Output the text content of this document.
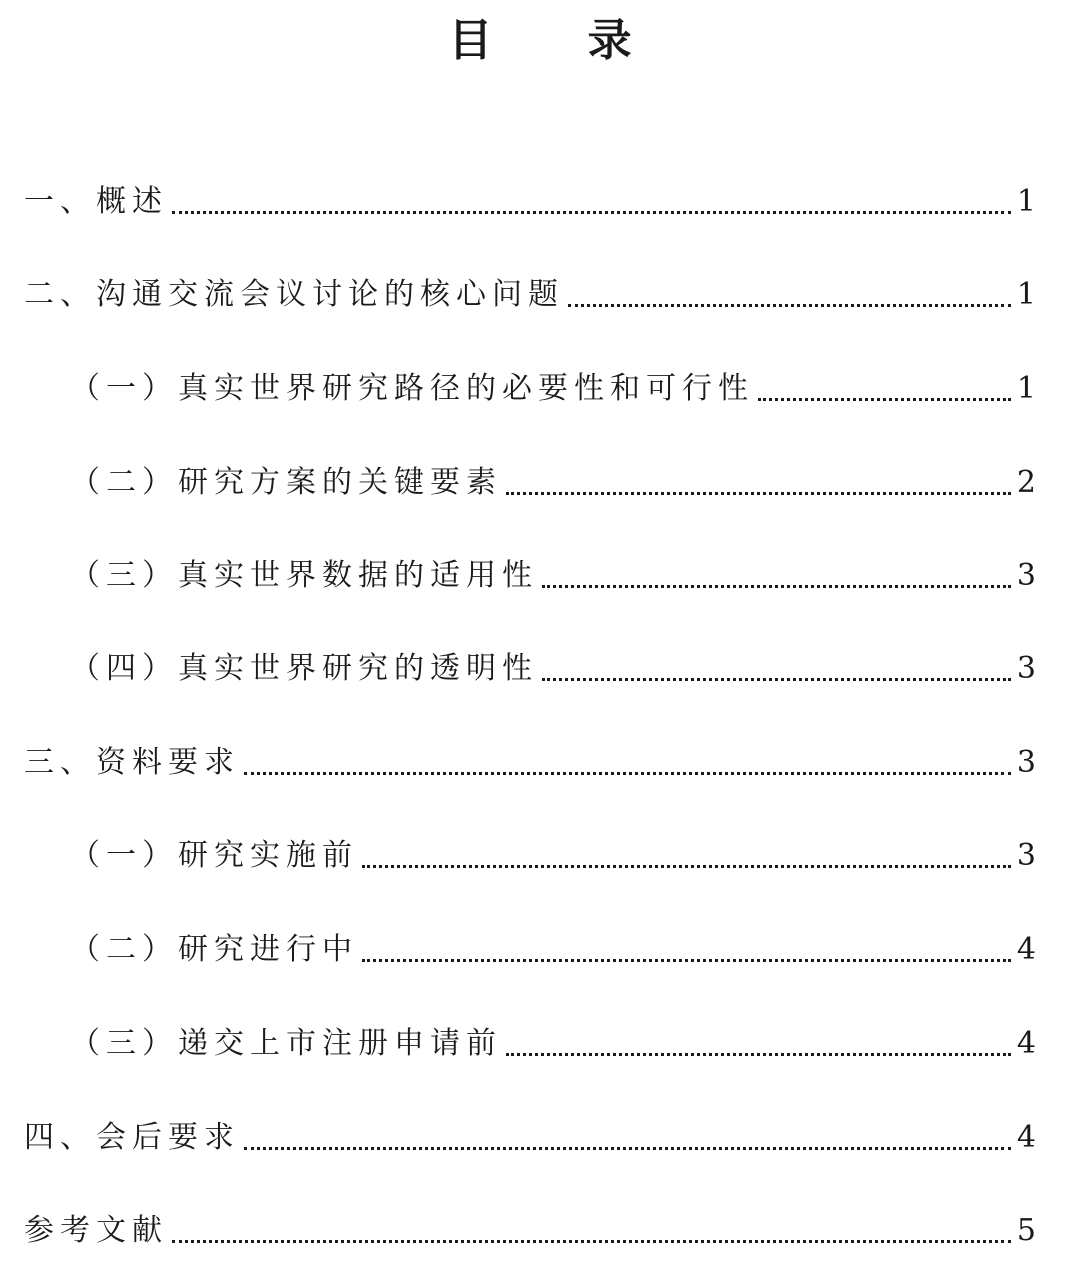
目 录
一、概述	1
二、沟通交流会议讨论的核心问题	1
（一）真实世界研究路径的必要性和可行性	1
（二）研究方案的关键要素	2
（三）真实世界数据的适用性	3
（四）真实世界研究的透明性	3
三、资料要求	3
（一）研究实施前	3
（二）研究进行中	4
（三）递交上市注册申请前	4
四、会后要求	4
参考文献	5
